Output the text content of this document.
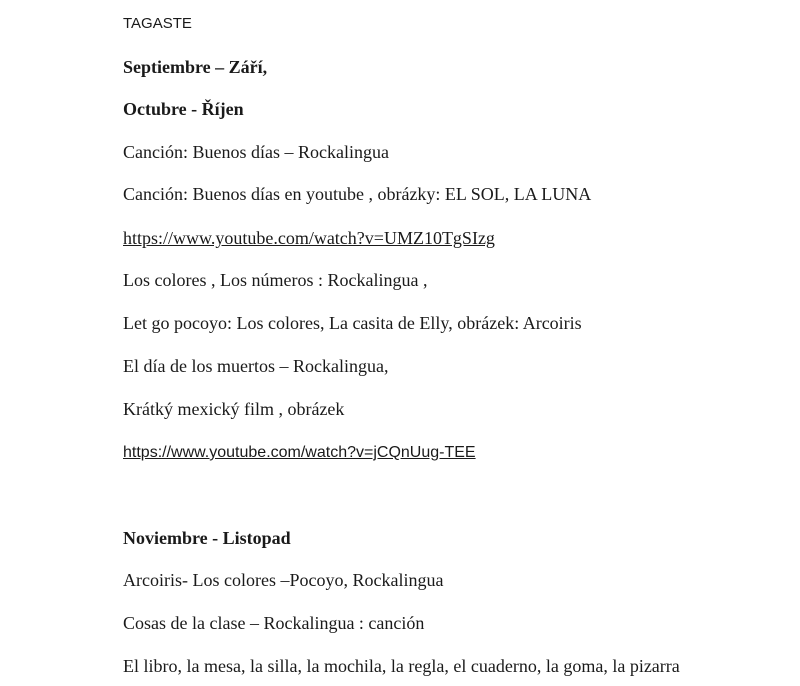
TAGASTE
Septiembre – Září,
Octubre - Říjen
Canción: Buenos días – Rockalingua
Canción: Buenos días en youtube , obrázky: EL SOL, LA LUNA
https://www.youtube.com/watch?v=UMZ10TgSIzg
Los colores , Los números : Rockalingua ,
Let go pocoyo: Los colores, La casita de Elly, obrázek: Arcoiris
El día de los muertos – Rockalingua,
Krátký mexický film , obrázek
https://www.youtube.com/watch?v=jCQnUug-TEE
Noviembre - Listopad
Arcoiris- Los colores –Pocoyo, Rockalingua
Cosas de la clase – Rockalingua : canción
El libro, la mesa, la silla, la mochila, la regla, el cuaderno, la goma, la pizarra
